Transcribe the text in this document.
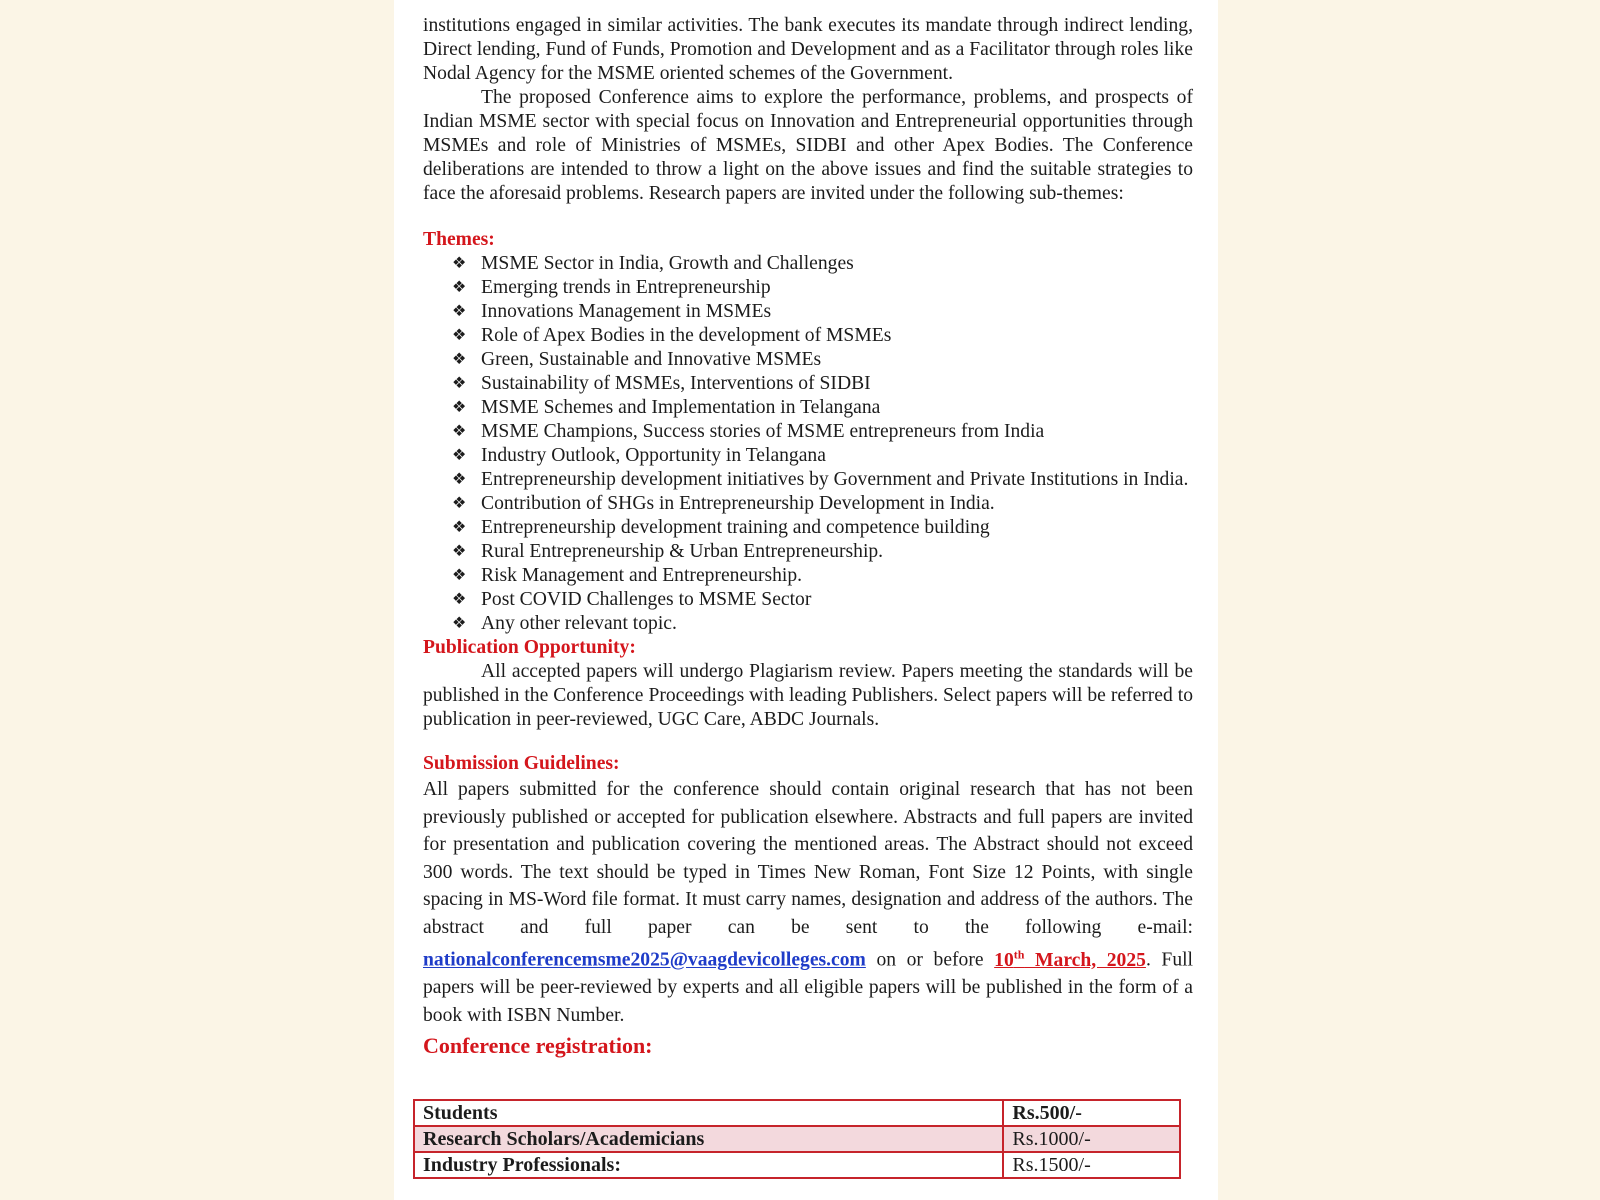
institutions engaged in similar activities. The bank executes its mandate through indirect lending, Direct lending, Fund of Funds, Promotion and Development and as a Facilitator through roles like Nodal Agency for the MSME oriented schemes of the Government.

The proposed Conference aims to explore the performance, problems, and prospects of Indian MSME sector with special focus on Innovation and Entrepreneurial opportunities through MSMEs and role of Ministries of MSMEs, SIDBI and other Apex Bodies. The Conference deliberations are intended to throw a light on the above issues and find the suitable strategies to face the aforesaid problems. Research papers are invited under the following sub-themes:

Themes:
❖ MSME Sector in India, Growth and Challenges
❖ Emerging trends in Entrepreneurship
❖ Innovations Management in MSMEs
❖ Role of Apex Bodies in the development of MSMEs
❖ Green, Sustainable and Innovative MSMEs
❖ Sustainability of MSMEs, Interventions of SIDBI
❖ MSME Schemes and Implementation in Telangana
❖ MSME Champions, Success stories of MSME entrepreneurs from India
❖ Industry Outlook, Opportunity in Telangana
❖ Entrepreneurship development initiatives by Government and Private Institutions in India.
❖ Contribution of SHGs in Entrepreneurship Development in India.
❖ Entrepreneurship development training and competence building
❖ Rural Entrepreneurship & Urban Entrepreneurship.
❖ Risk Management and Entrepreneurship.
❖ Post COVID Challenges to MSME Sector
❖ Any other relevant topic.
Publication Opportunity:

All accepted papers will undergo Plagiarism review. Papers meeting the standards will be published in the Conference Proceedings with leading Publishers. Select papers will be referred to publication in peer-reviewed, UGC Care, ABDC Journals.

Submission Guidelines:

All papers submitted for the conference should contain original research that has not been previously published or accepted for publication elsewhere. Abstracts and full papers are invited for presentation and publication covering the mentioned areas. The Abstract should not exceed 300 words. The text should be typed in Times New Roman, Font Size 12 Points, with single spacing in MS-Word file format. It must carry names, designation and address of the authors. The abstract and full paper can be sent to the following e-mail: nationalconferencemsme2025@vaagdevicolleges.com on or before 10th March, 2025. Full papers will be peer-reviewed by experts and all eligible papers will be published in the form of a book with ISBN Number.

Conference registration:
Students	Rs.500/-
Research Scholars/Academicians	Rs.1000/-
Industry Professionals:	Rs.1500/-
